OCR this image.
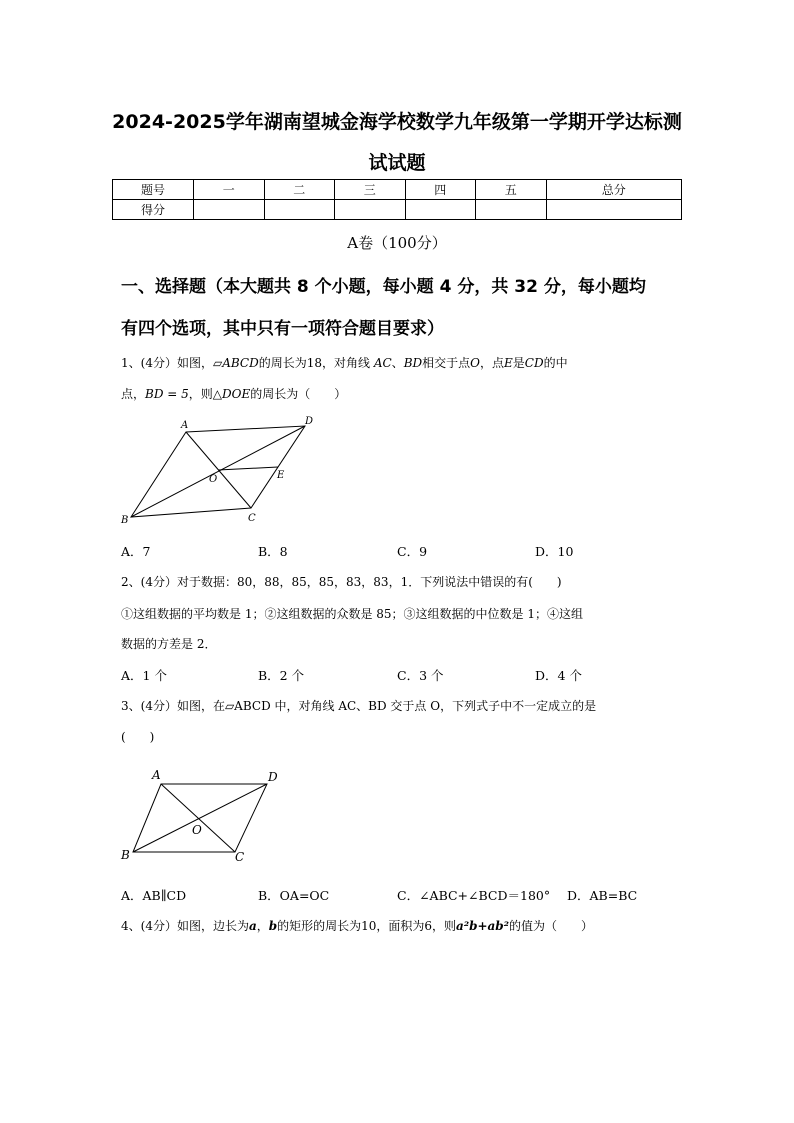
2024-2025学年湖南望城金海学校数学九年级第一学期开学达标测
试试题
题号	一	二	三	四	五	总分
得分						
A卷（100分）
一、选择题（本大题共 8 个小题，每小题 4 分，共 32 分，每小题均
有四个选项，其中只有一项符合题目要求）
1、(4分）如图，▱ABCD的周长为18，对角线 AC、BD相交于点O，点E是CD的中
点，BD = 5，则△DOE的周长为（　　）
A	D
B	C
O	E
A．7	B．8	C．9	D．10
2、(4分）对于数据：80，88，85，85，83，83，1．下列说法中错误的有(　　)
①这组数据的平均数是 1；②这组数据的众数是 85；③这组数据的中位数是 1；④这组
数据的方差是 2．
A．1 个	B．2 个	C．3 个	D．4 个
3、(4分）如图，在▱ABCD 中，对角线 AC、BD 交于点 O，下列式子中不一定成立的是
(　　)
A	D
B	C
O
A．AB∥CD	B．OA=OC	C．∠ABC+∠BCD＝180° D．AB=BC
4、(4分）如图，边长为a，b的矩形的周长为10，面积为6，则a²b+ab²的值为（　　）
